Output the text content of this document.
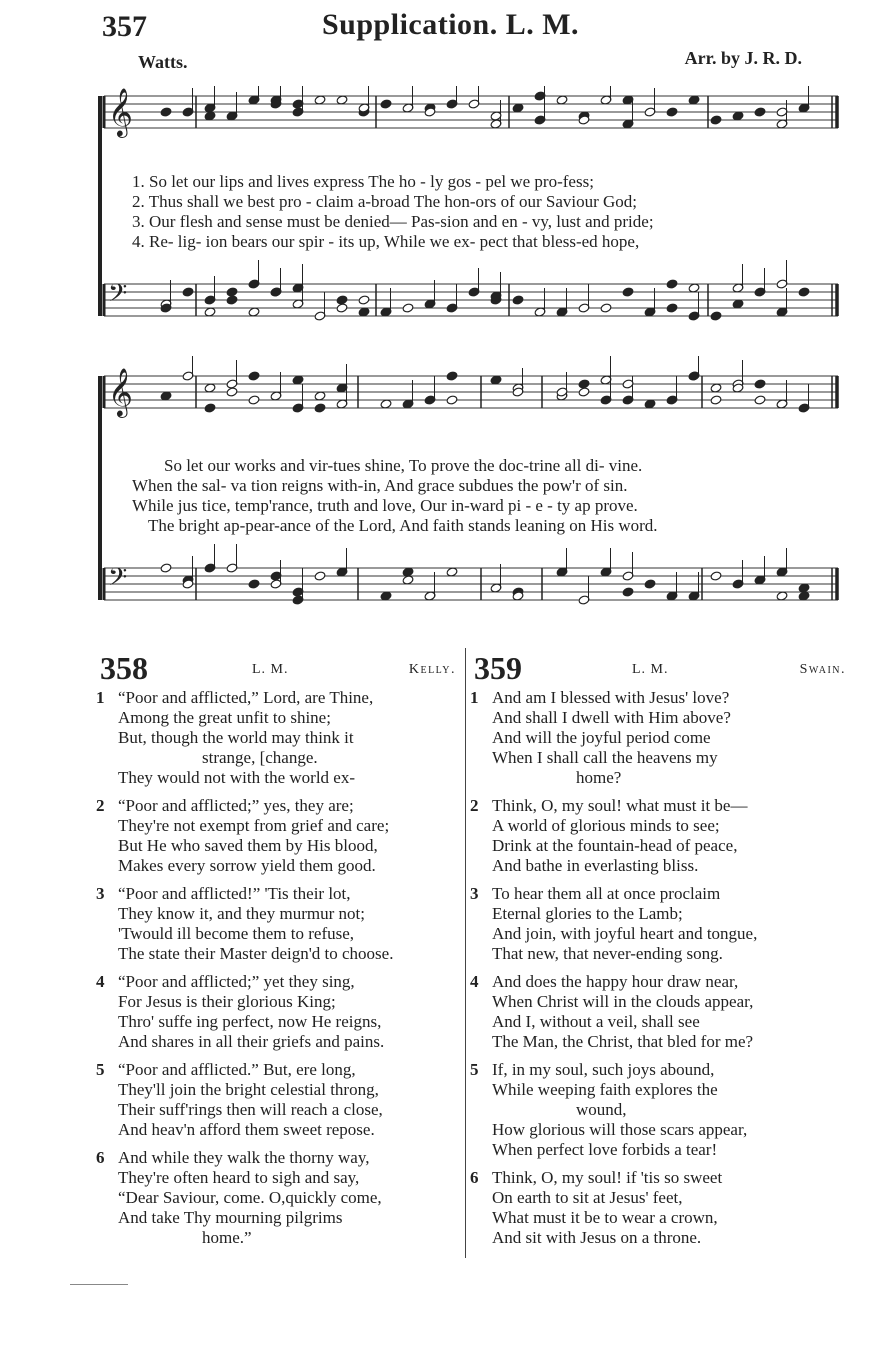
357	Supplication. L. M.
Watts.	Arr. by J. R. D.
𝄞
𝄢
1. So let our lips and lives express The ho - ly gos - pel we pro-fess;
2. Thus shall we best pro - claim a-broad The hon-ors of our Saviour God;
3. Our flesh and sense must be denied— Pas-sion and en - vy, lust and pride;
4. Re- lig- ion bears our spir - its up, While we ex- pect that bless-ed hope,
𝄞
𝄢
So let our works and vir-tues shine, To prove the doc-trine all di- vine.
When the sal- va tion reigns with-in, And grace subdues the pow'r of sin.
While jus tice, temp'rance, truth and love, Our in-ward pi - e - ty ap prove.
The bright ap-pear-ance of the Lord, And faith stands leaning on His word.
358	L. M.	Kelly.
1 “Poor and afflicted,” Lord, are Thine,
Among the great unfit to shine;
But, though the world may think it
strange, [change.
They would not with the world ex-
2 “Poor and afflicted;” yes, they are;
They're not exempt from grief and care;
But He who saved them by His blood,
Makes every sorrow yield them good.
3 “Poor and afflicted!” 'Tis their lot,
They know it, and they murmur not;
'Twould ill become them to refuse,
The state their Master deign'd to choose.
4 “Poor and afflicted;” yet they sing,
For Jesus is their glorious King;
Thro' suffe ing perfect, now He reigns,
And shares in all their griefs and pains.
5 “Poor and afflicted.” But, ere long,
They'll join the bright celestial throng,
Their suff'rings then will reach a close,
And heav'n afford them sweet repose.
6 And while they walk the thorny way,
They're often heard to sigh and say,
“Dear Saviour, come. O,quickly come,
And take Thy mourning pilgrims
home.”
359	L. M.	Swain.
1 And am I blessed with Jesus' love?
And shall I dwell with Him above?
And will the joyful period come
When I shall call the heavens my
home?
2 Think, O, my soul! what must it be—
A world of glorious minds to see;
Drink at the fountain-head of peace,
And bathe in everlasting bliss.
3 To hear them all at once proclaim
Eternal glories to the Lamb;
And join, with joyful heart and tongue,
That new, that never-ending song.
4 And does the happy hour draw near,
When Christ will in the clouds appear,
And I, without a veil, shall see
The Man, the Christ, that bled for me?
5 If, in my soul, such joys abound,
While weeping faith explores the
wound,
How glorious will those scars appear,
When perfect love forbids a tear!
6 Think, O, my soul! if 'tis so sweet
On earth to sit at Jesus' feet,
What must it be to wear a crown,
And sit with Jesus on a throne.
